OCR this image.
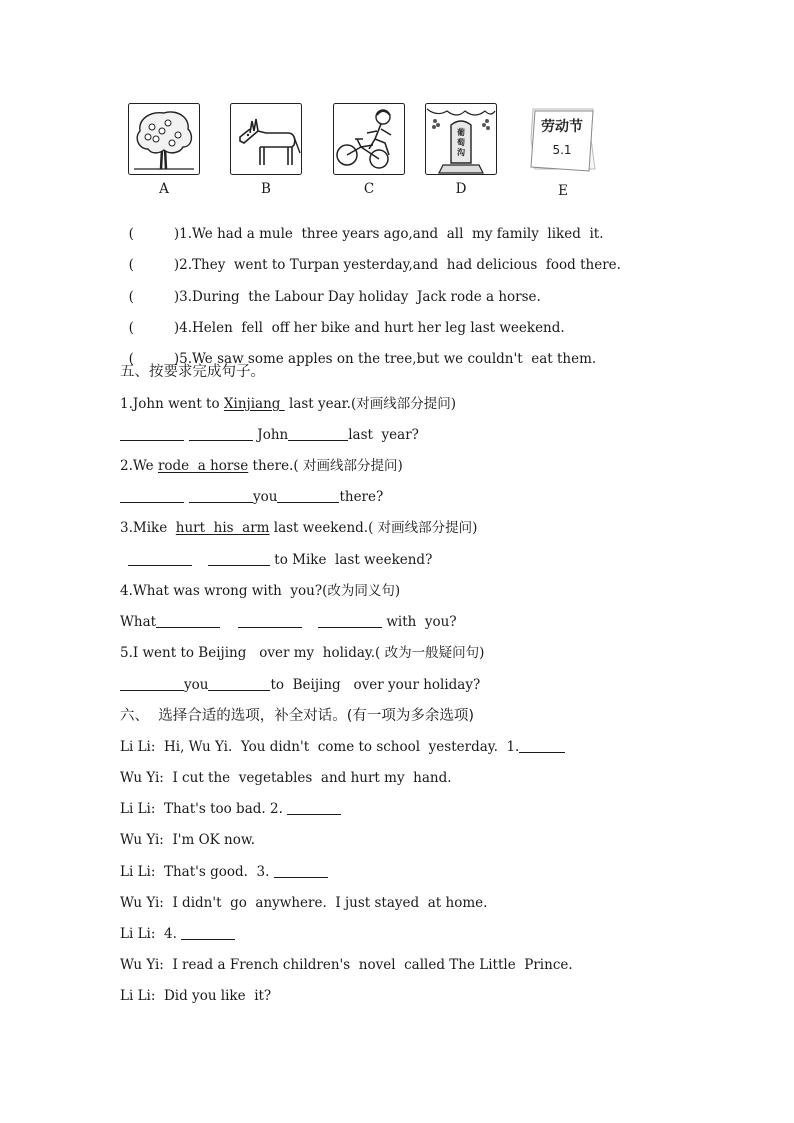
葡
萄
沟
劳动节
5.1
A	B	C	D	E

(	)1.We had a mule  three years ago,and  all  my family  liked  it.

(	)2.They  went to Turpan yesterday,and  had delicious  food there.

(	)3.During  the Labour Day holiday  Jack rode a horse.

(	)4.Helen  fell  off her bike and hurt her leg last weekend.

(	)5.We saw some apples on the tree,but we couldn't  eat them.

五、按要求完成句子。
1.John went to Xinjiang  last year.(对画线部分提问)
John	last  year?
2.We rode  a horse there.( 对画线部分提问)
you	there?
3.Mike  hurt  his  arm last weekend.( 对画线部分提问)
to Mike  last weekend?
4.What was wrong with  you?(改为同义句)
What	with  you?
5.I went to Beijing   over my  holiday.( 改为一般疑问句)
you	to  Beijing   over your holiday?
六、  选择合适的选项，补全对话。(有一项为多余选项)
Li Li:  Hi, Wu Yi.  You didn't  come to school  yesterday.  1.
Wu Yi:  I cut the  vegetables  and hurt my  hand.
Li Li:  That's too bad. 2.
Wu Yi:  I'm OK now.
Li Li:  That's good.  3.
Wu Yi:  I didn't  go  anywhere.  I just stayed  at home.
Li Li:  4.
Wu Yi:  I read a French children's  novel  called The Little  Prince.
Li Li:  Did you like  it?
